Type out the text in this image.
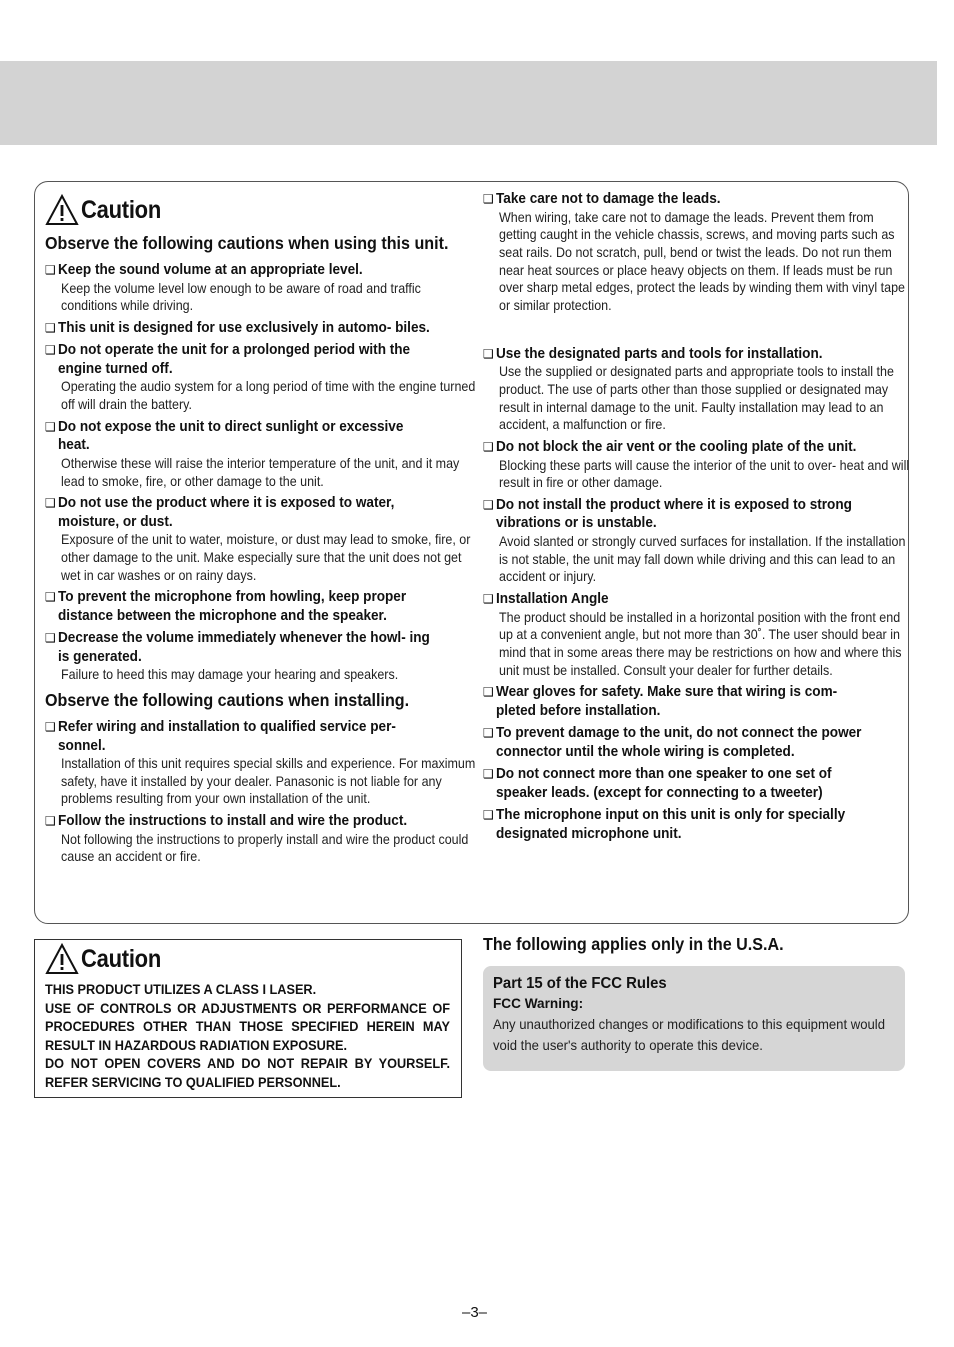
Caution
Observe the following cautions when using this unit.
❑ Keep the sound volume at an appropriate level.
Keep the volume level low enough to be aware of road and traffic conditions while driving.
❑ This unit is designed for use exclusively in automo- biles.
❑ Do not operate the unit for a prolonged period with the engine turned off.
Operating the audio system for a long period of time with the engine turned off will drain the battery.
❑ Do not expose the unit to direct sunlight or excessive heat.
Otherwise these will raise the interior temperature of the unit, and it may lead to smoke, fire, or other damage to the unit.
❑ Do not use the product where it is exposed to water, moisture, or dust.
Exposure of the unit to water, moisture, or dust may lead to smoke, fire, or other damage to the unit. Make especially sure that the unit does not get wet in car washes or on rainy days.
❑ To prevent the microphone from howling, keep proper distance between the microphone and the speaker.
❑ Decrease the volume immediately whenever the howl- ing is generated.
Failure to heed this may damage your hearing and speakers.
Observe the following cautions when installing.
❑ Refer wiring and installation to qualified service per- sonnel.
Installation of this unit requires special skills and experience. For maximum safety, have it installed by your dealer. Panasonic is not liable for any problems resulting from your own installation of the unit.
❑ Follow the instructions to install and wire the product.
Not following the instructions to properly install and wire the product could cause an accident or fire.
❑ Take care not to damage the leads.
When wiring, take care not to damage the leads. Prevent them from getting caught in the vehicle chassis, screws, and moving parts such as seat rails. Do not scratch, pull, bend or twist the leads. Do not run them near heat sources or place heavy objects on them. If leads must be run over sharp metal edges, protect the leads by winding them with vinyl tape or similar protection.
❑ Use the designated parts and tools for installation.
Use the supplied or designated parts and appropriate tools to install the product. The use of parts other than those supplied or designated may result in internal damage to the unit. Faulty installation may lead to an accident, a malfunction or fire.
❑ Do not block the air vent or the cooling plate of the unit.
Blocking these parts will cause the interior of the unit to over- heat and will result in fire or other damage.
❑ Do not install the product where it is exposed to strong vibrations or is unstable.
Avoid slanted or strongly curved surfaces for installation. If the installation is not stable, the unit may fall down while driving and this can lead to an accident or injury.
❑ Installation Angle
The product should be installed in a horizontal position with the front end up at a convenient angle, but not more than 30˚. The user should bear in mind that in some areas there may be restrictions on how and where this unit must be installed. Consult your dealer for further details.
❑ Wear gloves for safety. Make sure that wiring is com- pleted before installation.
❑ To prevent damage to the unit, do not connect the power connector until the whole wiring is completed.
❑ Do not connect more than one speaker to one set of speaker leads. (except for connecting to a tweeter)
❑ The microphone input on this unit is only for specially designated microphone unit.
Caution
THIS PRODUCT UTILIZES A CLASS I LASER.
USE OF CONTROLS OR ADJUSTMENTS OR PERFORMANCE OF PROCEDURES OTHER THAN THOSE SPECIFIED HEREIN MAY RESULT IN HAZARDOUS RADIATION EXPOSURE.
DO NOT OPEN COVERS AND DO NOT REPAIR BY YOURSELF. REFER SERVICING TO QUALIFIED PERSONNEL.
The following applies only in the U.S.A.
Part 15 of the FCC Rules
FCC Warning:
Any unauthorized changes or modifications to this equipment would void the user's authority to operate this device.
–3–
